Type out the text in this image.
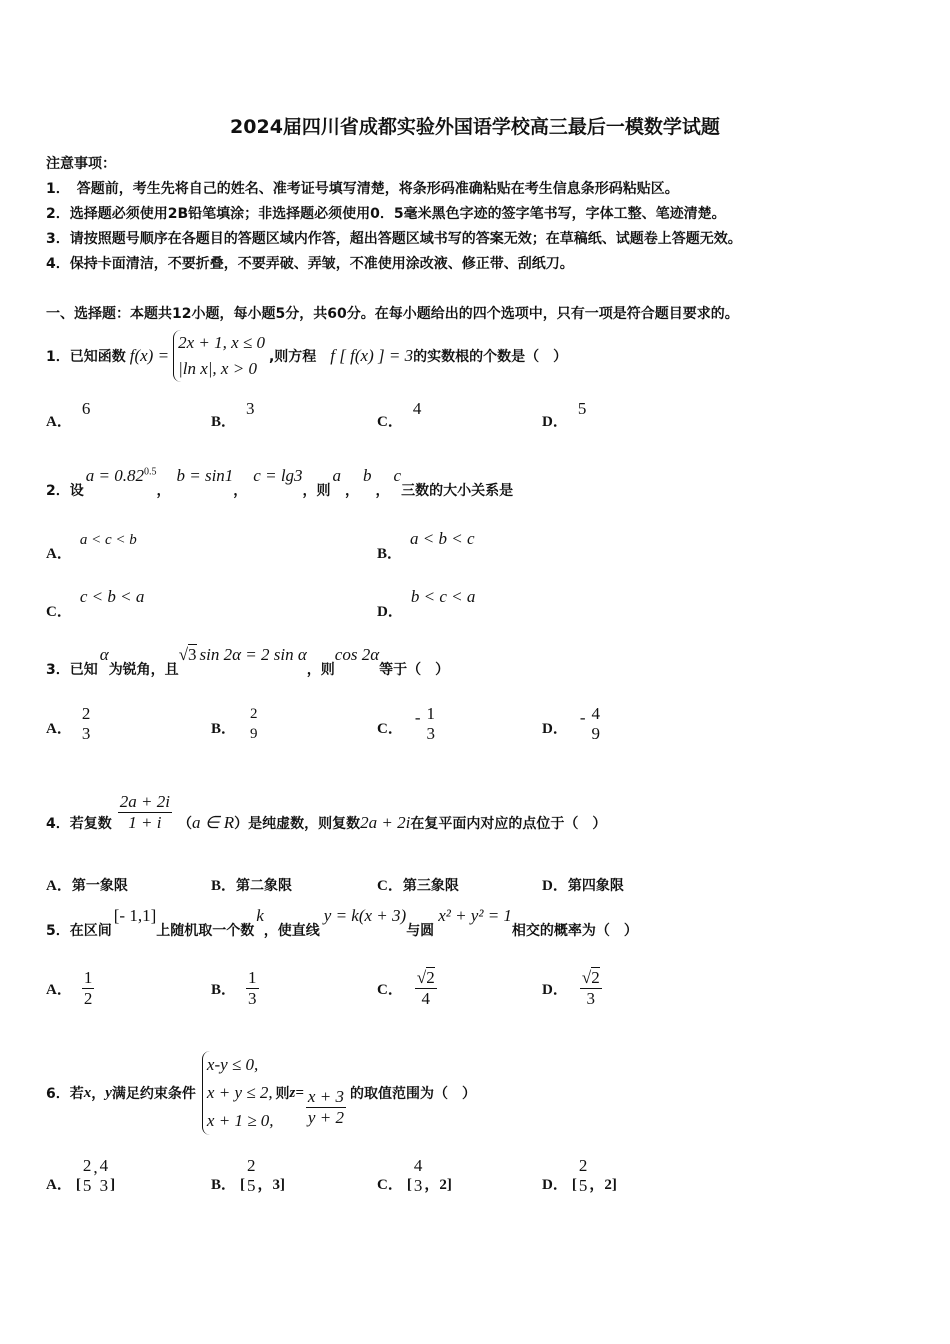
2024届四川省成都实验外国语学校高三最后一模数学试题
注意事项：
1．　答题前，考生先将自己的姓名、准考证号填写清楚，将条形码准确粘贴在考生信息条形码粘贴区。
2．选择题必须使用2B铅笔填涂；非选择题必须使用0．5毫米黑色字迹的签字笔书写，字体工整、笔迹清楚。
3．请按照题号顺序在各题目的答题区域内作答，超出答题区域书写的答案无效；在草稿纸、试题卷上答题无效。
4．保持卡面清洁，不要折叠，不要弄破、弄皱，不准使用涂改液、修正带、刮纸刀。
一、选择题：本题共12小题，每小题5分，共60分。在每小题给出的四个选项中，只有一项是符合题目要求的。
1．已知函数 f(x) =
2x + 1, x ≤ 0
|ln x|, x > 0
,则方程 f [ f(x) ] = 3 的实数根的个数是（　）
A．6
B．3
C．4
D．5
2．设
$a = 0.82^{0.5}$
，
b = sin1
，
c = lg3
，则
a
，
b
，
c
三数的大小关系是
A．a < c < b
B．a < b < c
C．c < b < a
D．b < c < a
3．已知
α
为锐角，且
√3 sin 2α = 2 sin α
，则
cos 2α
等于（　）
A．
2
3	B．
2
9	C．
- 1
3	D．
- 4
9
4．若复数 $\frac{2a + 2i}{1 + i}$ （ a ∈ R ） 是纯虚数，则复数 2a + 2i 在复平面内对应的点位于（　）
A．第一象限	B．第二象限	C．第三象限	D．第四象限
5．在区间
[- 1,1]
上随机取一个数
k
，使直线
y = k(x + 3)
与圆
x² + y² = 1
相交的概率为（　）
A． $\frac{1}{2}$	B． $\frac{1}{3}$	C． $\frac{√2}{4}$	D． $\frac{√2}{3}$
6．若 x ， y 满足约束条件
x-y ≤ 0,
x + y ≤ 2,
x + 1 ≥ 0,
则 $z= \frac{x + 3}{y + 2}$ 的取值范围为（　）
A． [
2
5
, 4
3 ]	B． [
2
5 ， 3 ]	C． [
4
3 ， 2 ]	D． [
2
5 ， 2 ]
